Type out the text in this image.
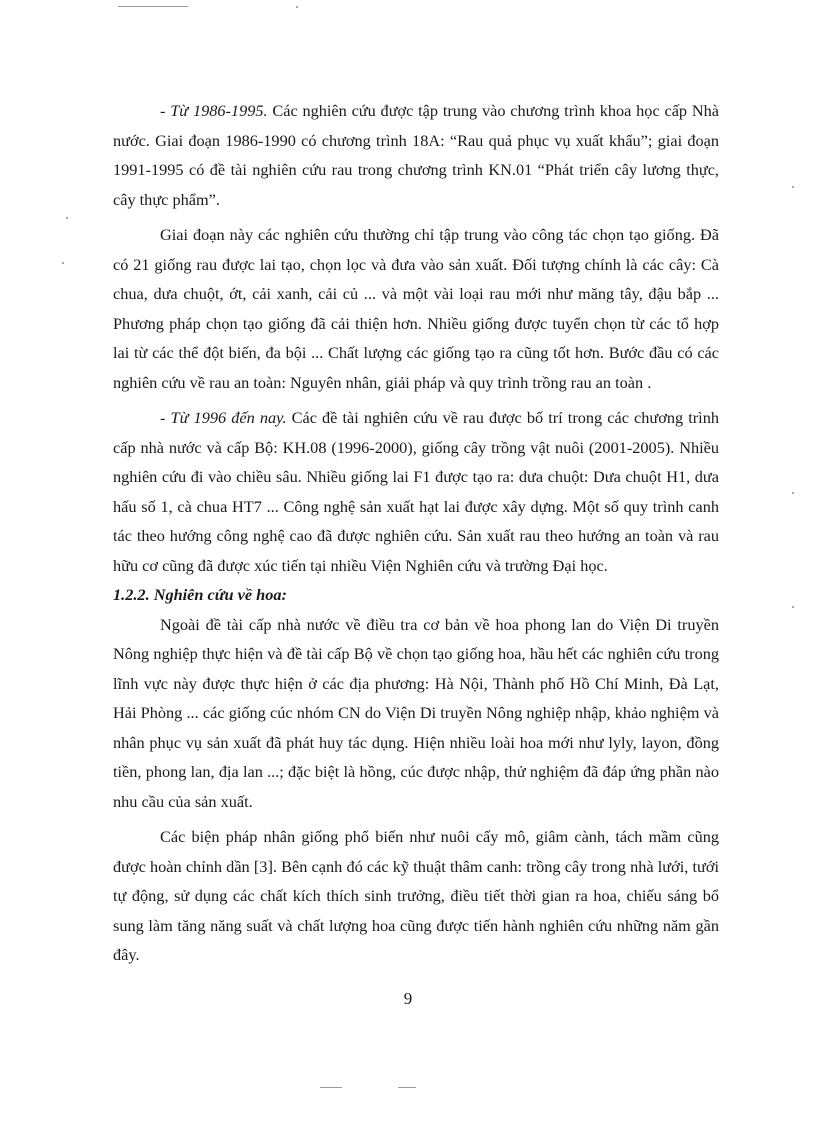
- Từ 1986-1995. Các nghiên cứu được tập trung vào chương trình khoa học cấp Nhà nước. Giai đoạn 1986-1990 có chương trình 18A: “Rau quả phục vụ xuất khẩu”; giai đoạn 1991-1995 có đề tài nghiên cứu rau trong chương trình KN.01 “Phát triển cây lương thực, cây thực phẩm”.

Giai đoạn này các nghiên cứu thường chỉ tập trung vào công tác chọn tạo giống. Đã có 21 giống rau được lai tạo, chọn lọc và đưa vào sản xuất. Đối tượng chính là các cây: Cà chua, dưa chuột, ớt, cải xanh, cải củ ... và một vài loại rau mới như măng tây, đậu bắp ... Phương pháp chọn tạo giống đã cải thiện hơn. Nhiều giống được tuyển chọn từ các tổ hợp lai từ các thể đột biến, đa bội ... Chất lượng các giống tạo ra cũng tốt hơn. Bước đầu có các nghiên cứu về rau an toàn: Nguyên nhân, giải pháp và quy trình trồng rau an toàn .

- Từ 1996 đến nay. Các đề tài nghiên cứu về rau được bố trí trong các chương trình cấp nhà nước và cấp Bộ: KH.08 (1996-2000), giống cây trồng vật nuôi (2001-2005). Nhiều nghiên cứu đi vào chiều sâu. Nhiều giống lai F1 được tạo ra: dưa chuột: Dưa chuột H1, dưa hấu số 1, cà chua HT7 ... Công nghệ sản xuất hạt lai được xây dựng. Một số quy trình canh tác theo hướng công nghệ cao đã được nghiên cứu. Sản xuất rau theo hướng an toàn và rau hữu cơ cũng đã được xúc tiến tại nhiều Viện Nghiên cứu và trường Đại học.

1.2.2. Nghiên cứu về hoa:

Ngoài đề tài cấp nhà nước về điều tra cơ bản về hoa phong lan do Viện Di truyền Nông nghiệp thực hiện và đề tài cấp Bộ về chọn tạo giống hoa, hầu hết các nghiên cứu trong lĩnh vực này được thực hiện ở các địa phương: Hà Nội, Thành phố Hồ Chí Minh, Đà Lạt, Hải Phòng ... các giống cúc nhóm CN do Viện Di truyền Nông nghiệp nhập, khảo nghiệm và nhân phục vụ sản xuất đã phát huy tác dụng. Hiện nhiều loài hoa mới như lyly, layon, đồng tiền, phong lan, địa lan ...; đặc biệt là hồng, cúc được nhập, thử nghiệm đã đáp ứng phần nào nhu cầu của sản xuất.

Các biện pháp nhân giống phổ biến như nuôi cấy mô, giâm cành, tách mầm cũng được hoàn chỉnh dần [3]. Bên cạnh đó các kỹ thuật thâm canh: trồng cây trong nhà lưới, tưới tự động, sử dụng các chất kích thích sinh trưởng, điều tiết thời gian ra hoa, chiếu sáng bổ sung làm tăng năng suất và chất lượng hoa cũng được tiến hành nghiên cứu những năm gần đây.

9
